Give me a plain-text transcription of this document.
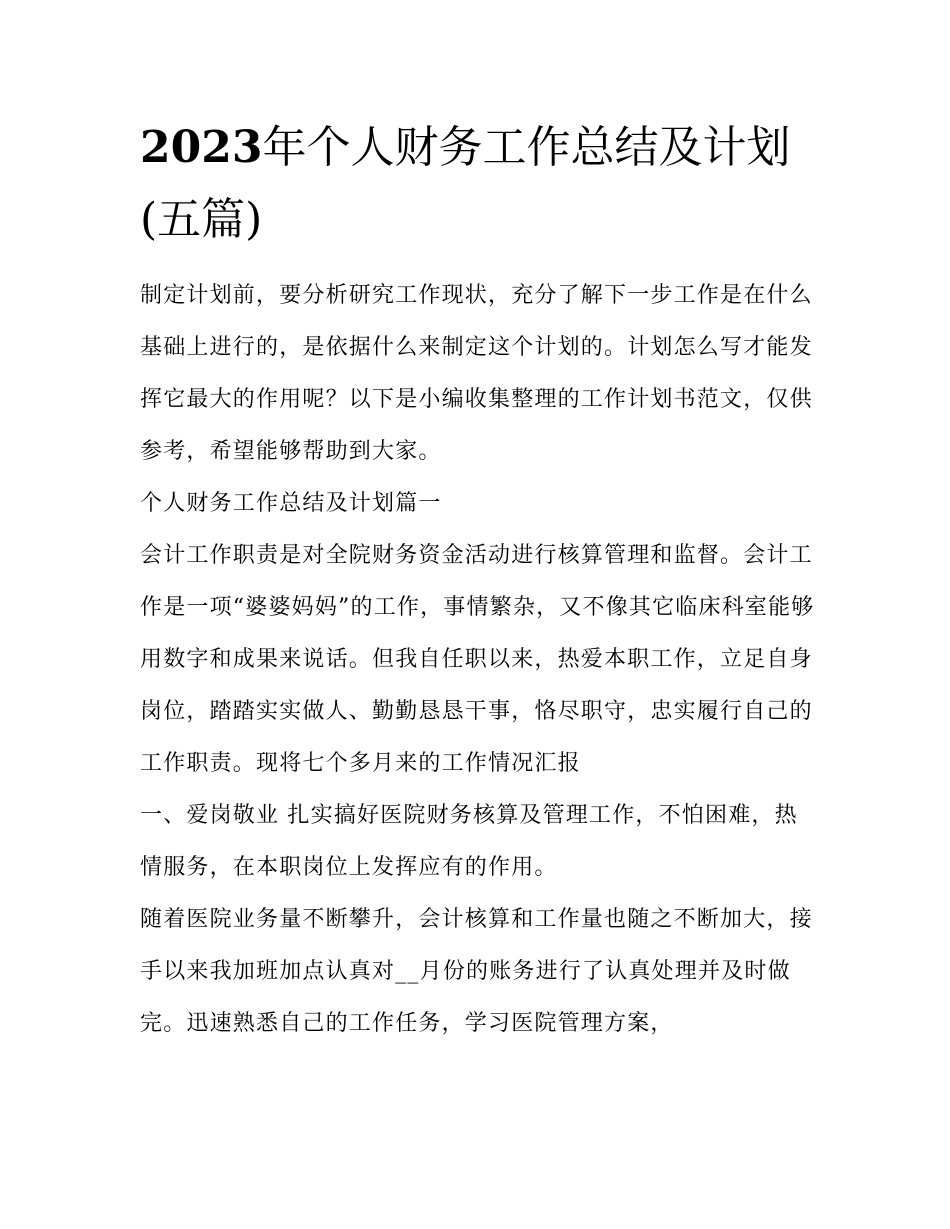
2023年个人财务工作总结及计划(五篇)

制定计划前，要分析研究工作现状，充分了解下一步工作是在什么基础上进行的，是依据什么来制定这个计划的。计划怎么写才能发挥它最大的作用呢？以下是小编收集整理的工作计划书范文，仅供参考，希望能够帮助到大家。

个人财务工作总结及计划篇一

会计工作职责是对全院财务资金活动进行核算管理和监督。会计工作是一项“婆婆妈妈”的工作，事情繁杂，又不像其它临床科室能够用数字和成果来说话。但我自任职以来，热爱本职工作，立足自身岗位，踏踏实实做人、勤勤恳恳干事，恪尽职守，忠实履行自己的工作职责。现将七个多月来的工作情况汇报

一、爱岗敬业 扎实搞好医院财务核算及管理工作，不怕困难，热情服务，在本职岗位上发挥应有的作用。

随着医院业务量不断攀升，会计核算和工作量也随之不断加大，接手以来我加班加点认真对__月份的账务进行了认真处理并及时做完。迅速熟悉自己的工作任务，学习医院管理方案，
